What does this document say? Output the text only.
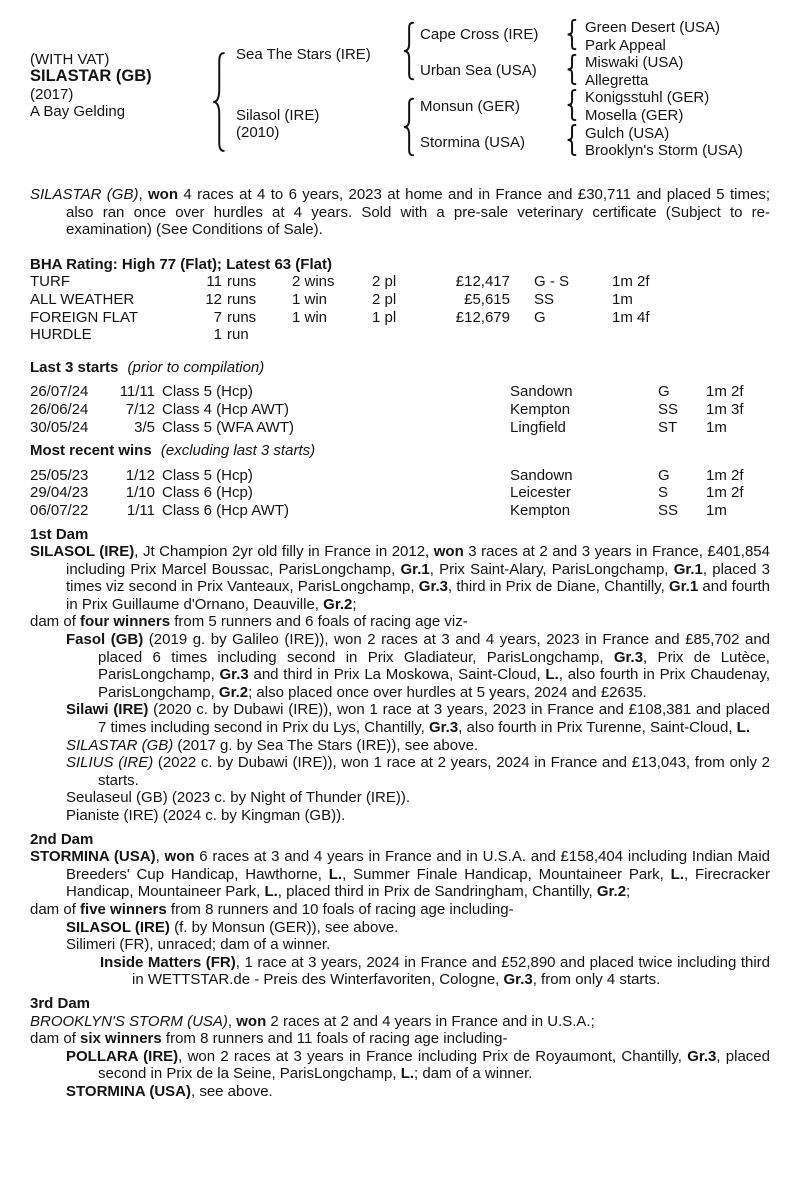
(WITH VAT)
SILASTAR (GB)
(2017)
A Bay Gelding
Sea The Stars (IRE)
Silasol (IRE)
(2010)
Cape Cross (IRE)
Urban Sea (USA)
Monsun (GER)
Stormina (USA)
Green Desert (USA)
Park Appeal
Miswaki (USA)
Allegretta
Konigsstuhl (GER)
Mosella (GER)
Gulch (USA)
Brooklyn's Storm (USA)

SILASTAR (GB), won 4 races at 4 to 6 years, 2023 at home and in France and £30,711 and placed 5 times; also ran once over hurdles at 4 years. Sold with a pre-sale veterinary certificate (Subject to re-examination) (See Conditions of Sale).

BHA Rating: High 77 (Flat); Latest 63 (Flat)

TURF	11 runs	2 wins	2 pl	£12,417 G - S	1m 2f
ALL WEATHER	12 runs	1 win	2 pl	£5,615 SS	1m
FOREIGN FLAT	7 runs	1 win	1 pl	£12,679 G	1m 4f
HURDLE	1 run

Last 3 starts (prior to compilation)

26/07/24	11/11 Class 5 (Hcp)	Sandown	G	1m 2f
26/06/24	7/12 Class 4 (Hcp AWT)	Kempton	SS	1m 3f
30/05/24	3/5 Class 5 (WFA AWT)	Lingfield	ST	1m

Most recent wins (excluding last 3 starts)

25/05/23	1/12 Class 5 (Hcp)	Sandown	G	1m 2f
29/04/23	1/10 Class 6 (Hcp)	Leicester	S	1m 2f
06/07/22	1/11 Class 6 (Hcp AWT)	Kempton	SS	1m

1st Dam

SILASOL (IRE), Jt Champion 2yr old filly in France in 2012, won 3 races at 2 and 3 years in France, £401,854 including Prix Marcel Boussac, ParisLongchamp, Gr.1, Prix Saint-Alary, ParisLongchamp, Gr.1, placed 3 times viz second in Prix Vanteaux, ParisLongchamp, Gr.3, third in Prix de Diane, Chantilly, Gr.1 and fourth in Prix Guillaume d'Ornano, Deauville, Gr.2;

dam of four winners from 5 runners and 6 foals of racing age viz-

Fasol (GB) (2019 g. by Galileo (IRE)), won 2 races at 3 and 4 years, 2023 in France and £85,702 and placed 6 times including second in Prix Gladiateur, ParisLongchamp, Gr.3, Prix de Lutèce, ParisLongchamp, Gr.3 and third in Prix La Moskowa, Saint-Cloud, L., also fourth in Prix Chaudenay, ParisLongchamp, Gr.2; also placed once over hurdles at 5 years, 2024 and £2635.

Silawi (IRE) (2020 c. by Dubawi (IRE)), won 1 race at 3 years, 2023 in France and £108,381 and placed 7 times including second in Prix du Lys, Chantilly, Gr.3, also fourth in Prix Turenne, Saint-Cloud, L.

SILASTAR (GB) (2017 g. by Sea The Stars (IRE)), see above.

SILIUS (IRE) (2022 c. by Dubawi (IRE)), won 1 race at 2 years, 2024 in France and £13,043, from only 2 starts.

Seulaseul (GB) (2023 c. by Night of Thunder (IRE)).

Pianiste (IRE) (2024 c. by Kingman (GB)).

2nd Dam

STORMINA (USA), won 6 races at 3 and 4 years in France and in U.S.A. and £158,404 including Indian Maid Breeders' Cup Handicap, Hawthorne, L., Summer Finale Handicap, Mountaineer Park, L., Firecracker Handicap, Mountaineer Park, L., placed third in Prix de Sandringham, Chantilly, Gr.2;

dam of five winners from 8 runners and 10 foals of racing age including-

SILASOL (IRE) (f. by Monsun (GER)), see above.

Silimeri (FR), unraced; dam of a winner.

Inside Matters (FR), 1 race at 3 years, 2024 in France and £52,890 and placed twice including third in WETTSTAR.de - Preis des Winterfavoriten, Cologne, Gr.3, from only 4 starts.

3rd Dam

BROOKLYN'S STORM (USA), won 2 races at 2 and 4 years in France and in U.S.A.;

dam of six winners from 8 runners and 11 foals of racing age including-

POLLARA (IRE), won 2 races at 3 years in France including Prix de Royaumont, Chantilly, Gr.3, placed second in Prix de la Seine, ParisLongchamp, L.; dam of a winner.

STORMINA (USA), see above.
